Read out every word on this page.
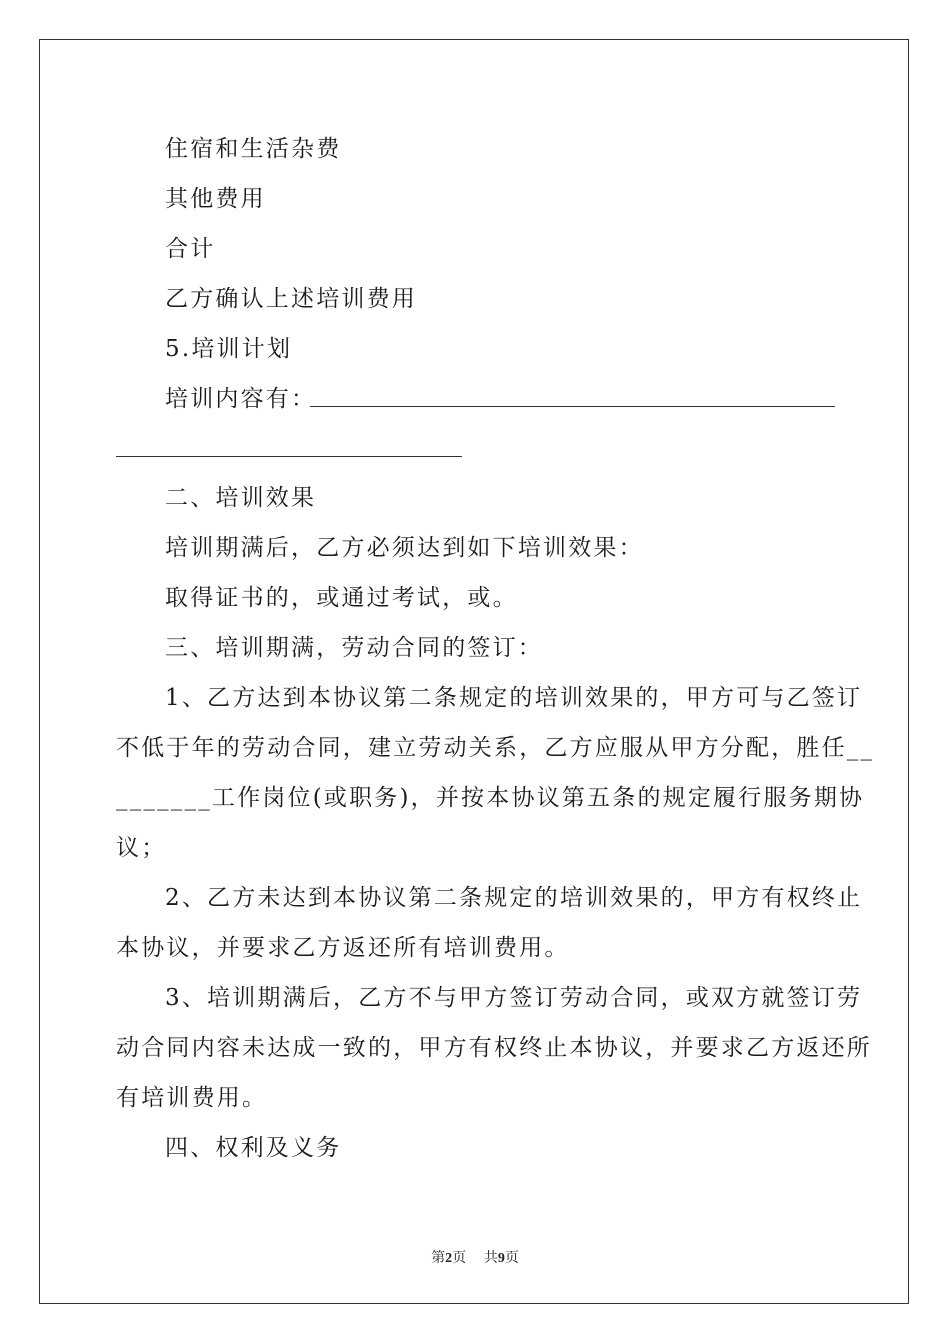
住宿和生活杂费
其他费用
合计
乙方确认上述培训费用
5.培训计划
培训内容有：
二、培训效果
培训期满后，乙方必须达到如下培训效果：
取得证书的，或通过考试，或。
三、培训期满，劳动合同的签订：
1、乙方达到本协议第二条规定的培训效果的，甲方可与乙签订
不低于年的劳动合同，建立劳动关系，乙方应服从甲方分配，胜任__
_______工作岗位(或职务)，并按本协议第五条的规定履行服务期协
议；
2、乙方未达到本协议第二条规定的培训效果的，甲方有权终止
本协议，并要求乙方返还所有培训费用。
3、培训期满后，乙方不与甲方签订劳动合同，或双方就签订劳
动合同内容未达成一致的，甲方有权终止本协议，并要求乙方返还所
有培训费用。
四、权利及义务
第2页 共9页
